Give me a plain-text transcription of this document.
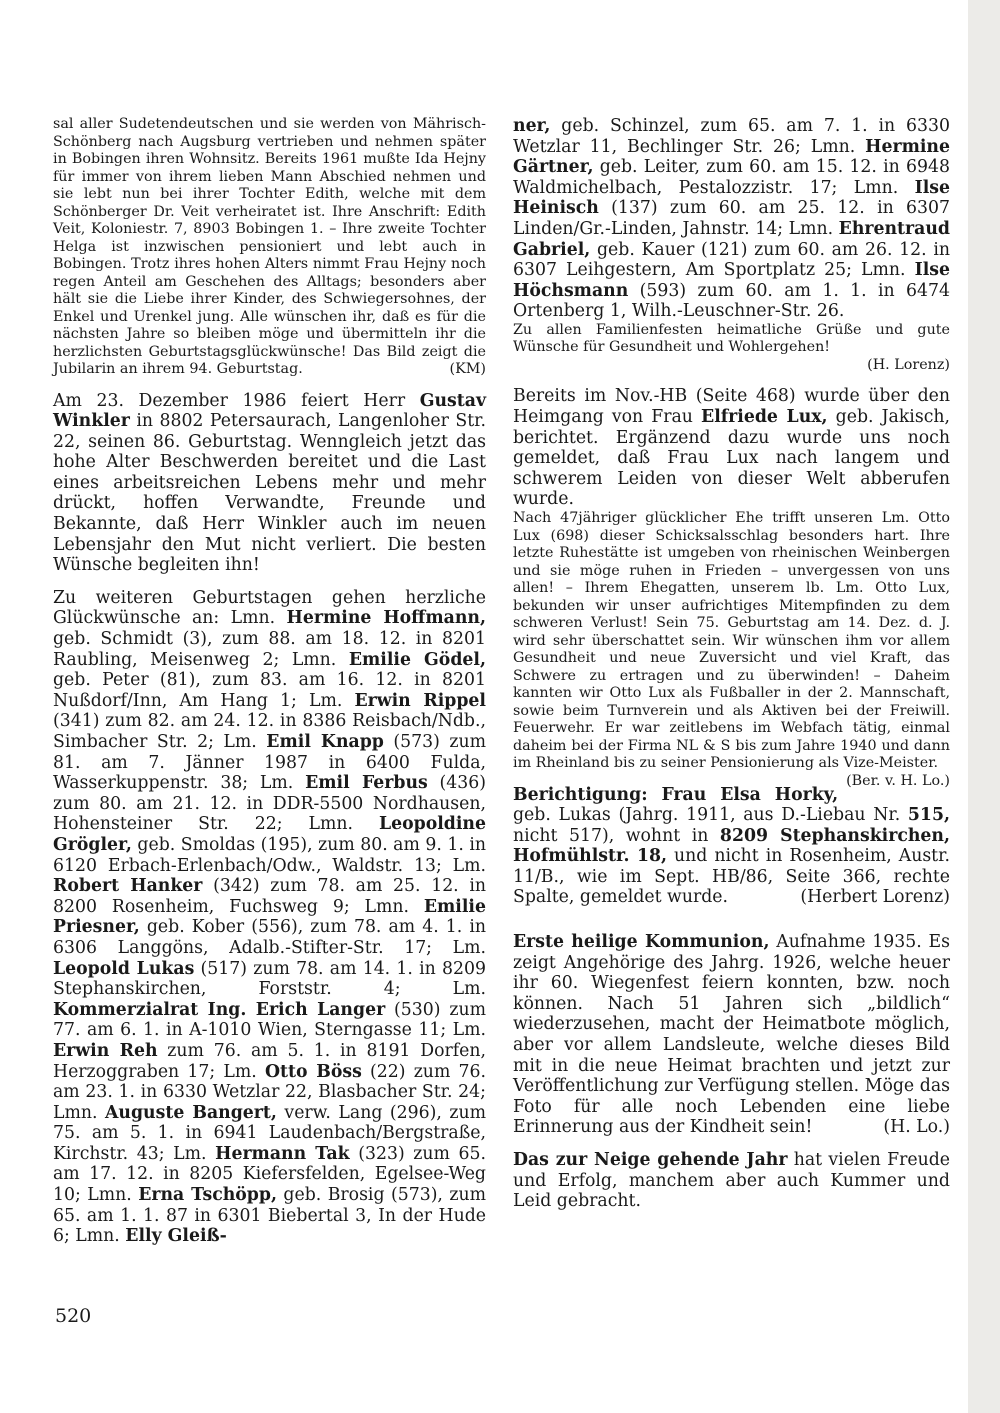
sal aller Sudetendeutschen und sie werden von Mährisch-Schönberg nach Augsburg vertrieben und nehmen später in Bobingen ihren Wohnsitz. Bereits 1961 mußte Ida Hejny für immer von ihrem lieben Mann Abschied nehmen und sie lebt nun bei ihrer Tochter Edith, welche mit dem Schönberger Dr. Veit verheiratet ist. Ihre Anschrift: Edith Veit, Koloniestr. 7, 8903 Bobingen 1. – Ihre zweite Tochter Helga ist inzwischen pensioniert und lebt auch in Bobingen. Trotz ihres hohen Alters nimmt Frau Hejny noch regen Anteil am Geschehen des Alltags; besonders aber hält sie die Liebe ihrer Kinder, des Schwiegersohnes, der Enkel und Urenkel jung. Alle wünschen ihr, daß es für die nächsten Jahre so bleiben möge und übermitteln ihr die herzlichsten Geburtstagsglückwünsche! Das Bild zeigt die Jubilarin an ihrem 94. Geburtstag.	(KM)

Am 23. Dezember 1986 feiert Herr Gustav Winkler in 8802 Petersaurach, Langenloher Str. 22, seinen 86. Geburtstag. Wenngleich jetzt das hohe Alter Beschwerden bereitet und die Last eines arbeitsreichen Lebens mehr und mehr drückt, hoffen Verwandte, Freunde und Bekannte, daß Herr Winkler auch im neuen Lebensjahr den Mut nicht verliert. Die besten Wünsche begleiten ihn!

Zu weiteren Geburtstagen gehen herzliche Glückwünsche an: Lmn. Hermine Hoffmann, geb. Schmidt (3), zum 88. am 18. 12. in 8201 Raubling, Meisenweg 2; Lmn. Emilie Gödel, geb. Peter (81), zum 83. am 16. 12. in 8201 Nußdorf/Inn, Am Hang 1; Lm. Erwin Rippel (341) zum 82. am 24. 12. in 8386 Reisbach/Ndb., Simbacher Str. 2; Lm. Emil Knapp (573) zum 81. am 7. Jänner 1987 in 6400 Fulda, Wasserkuppenstr. 38; Lm. Emil Ferbus (436) zum 80. am 21. 12. in DDR-5500 Nordhausen, Hohensteiner Str. 22; Lmn. Leopoldine Grögler, geb. Smoldas (195), zum 80. am 9. 1. in 6120 Erbach-Erlenbach/Odw., Waldstr. 13; Lm. Robert Hanker (342) zum 78. am 25. 12. in 8200 Rosenheim, Fuchsweg 9; Lmn. Emilie Priesner, geb. Kober (556), zum 78. am 4. 1. in 6306 Langgöns, Adalb.-Stifter-Str. 17; Lm. Leopold Lukas (517) zum 78. am 14. 1. in 8209 Stephanskirchen, Forststr. 4; Lm. Kommerzialrat Ing. Erich Langer (530) zum 77. am 6. 1. in A-1010 Wien, Sterngasse 11; Lm. Erwin Reh zum 76. am 5. 1. in 8191 Dorfen, Herzoggraben 17; Lm. Otto Böss (22) zum 76. am 23. 1. in 6330 Wetzlar 22, Blasbacher Str. 24; Lmn. Auguste Bangert, verw. Lang (296), zum 75. am 5. 1. in 6941 Laudenbach/Bergstraße, Kirchstr. 43; Lm. Hermann Tak (323) zum 65. am 17. 12. in 8205 Kiefersfelden, Egelsee-Weg 10; Lmn. Erna Tschöpp, geb. Brosig (573), zum 65. am 1. 1. 87 in 6301 Biebertal 3, In der Hude 6; Lmn. Elly Gleiß-

ner, geb. Schinzel, zum 65. am 7. 1. in 6330 Wetzlar 11, Bechlinger Str. 26; Lmn. Hermine Gärtner, geb. Leiter, zum 60. am 15. 12. in 6948 Waldmichelbach, Pestalozzistr. 17; Lmn. Ilse Heinisch (137) zum 60. am 25. 12. in 6307 Linden/Gr.-Linden, Jahnstr. 14; Lmn. Ehrentraud Gabriel, geb. Kauer (121) zum 60. am 26. 12. in 6307 Leihgestern, Am Sportplatz 25; Lmn. Ilse Höchsmann (593) zum 60. am 1. 1. in 6474 Ortenberg 1, Wilh.-Leuschner-Str. 26.

Zu allen Familienfesten heimatliche Grüße und gute Wünsche für Gesundheit und Wohlergehen!

(H. Lorenz)

Bereits im Nov.-HB (Seite 468) wurde über den Heimgang von Frau Elfriede Lux, geb. Jakisch, berichtet. Ergänzend dazu wurde uns noch gemeldet, daß Frau Lux nach langem und schwerem Leiden von dieser Welt abberufen wurde.

Nach 47jähriger glücklicher Ehe trifft unseren Lm. Otto Lux (698) dieser Schicksalsschlag besonders hart. Ihre letzte Ruhestätte ist umgeben von rheinischen Weinbergen und sie möge ruhen in Frieden – unvergessen von uns allen! – Ihrem Ehegatten, unserem lb. Lm. Otto Lux, bekunden wir unser aufrichtiges Mitempfinden zu dem schweren Verlust! Sein 75. Geburtstag am 14. Dez. d. J. wird sehr überschattet sein. Wir wünschen ihm vor allem Gesundheit und neue Zuversicht und viel Kraft, das Schwere zu ertragen und zu überwinden! – Daheim kannten wir Otto Lux als Fußballer in der 2. Mannschaft, sowie beim Turnverein und als Aktiven bei der Freiwill. Feuerwehr. Er war zeitlebens im Webfach tätig, einmal daheim bei der Firma NL & S bis zum Jahre 1940 und dann im Rheinland bis zu seiner Pensionierung als Vize-Meister.
(Ber. v. H. Lo.)

Berichtigung: Frau Elsa Horky, geb. Lukas (Jahrg. 1911, aus D.-Liebau Nr. 515, nicht 517), wohnt in 8209 Stephanskirchen, Hofmühlstr. 18, und nicht in Rosenheim, Austr. 11/B., wie im Sept. HB/86, Seite 366, rechte Spalte, gemeldet wurde.	(Herbert Lorenz)

Erste heilige Kommunion, Aufnahme 1935. Es zeigt Angehörige des Jahrg. 1926, welche heuer ihr 60. Wiegenfest feiern konnten, bzw. noch können. Nach 51 Jahren sich „bildlich“ wiederzusehen, macht der Heimatbote möglich, aber vor allem Landsleute, welche dieses Bild mit in die neue Heimat brachten und jetzt zur Veröffentlichung zur Verfügung stellen. Möge das Foto für alle noch Lebenden eine liebe Erinnerung aus der Kindheit sein!	(H. Lo.)

Das zur Neige gehende Jahr hat vielen Freude und Erfolg, manchem aber auch Kummer und Leid gebracht.

520
